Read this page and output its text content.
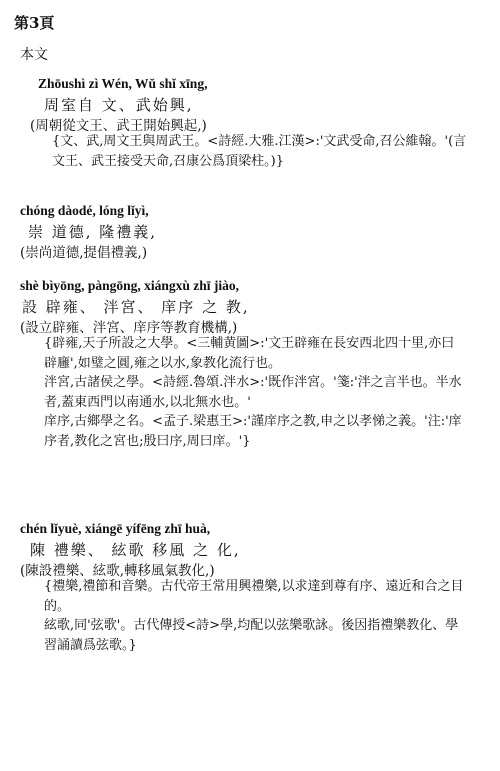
第3頁
本文
Zhōushì zì Wén, Wǔ shǐ xīng,
周室自 文、武始興,
(周朝從文王、武王開始興起,)

{文、武,周文王與周武王。<詩經.大雅.江漢>:'文武受命,召公維翰。'(言文王、武王接受天命,召康公爲頂梁柱。)}

chóng dàodé, lóng lǐyì,
崇 道德, 隆禮義,
(崇尚道德,提倡禮義,)
shè bìyōng, pàngōng, xiángxù zhī jiào,
設 辟雍、 泮宮、 庠序 之 教,
(設立辟雍、泮宮、庠序等教育機構,)

{辟雍,天子所設之大學。<三輔黄圖>:'文王辟雍在長安西北四十里,亦曰辟廱',如璧之圓,雍之以水,象教化流行也。

泮宮,古諸侯之學。<詩經.魯頌.泮水>:'既作泮宮。'箋:'泮之言半也。半水者,蓋東西門以南通水,以北無水也。'

庠序,古鄉學之名。<孟子.梁惠王>:'謹庠序之教,申之以孝悌之義。'注:'庠序者,教化之宮也;殷曰序,周曰庠。'}

chén lǐyuè, xiángē yífēng zhī huà,
陳 禮樂、 絃歌 移風 之 化,
(陳設禮樂、絃歌,轉移風氣教化,)

{禮樂,禮節和音樂。古代帝王常用興禮樂,以求達到尊有序、遠近和合之目的。

絃歌,同'弦歌'。古代傳授<詩>學,均配以弦樂歌詠。後因指禮樂教化、學習誦讀爲弦歌。}
